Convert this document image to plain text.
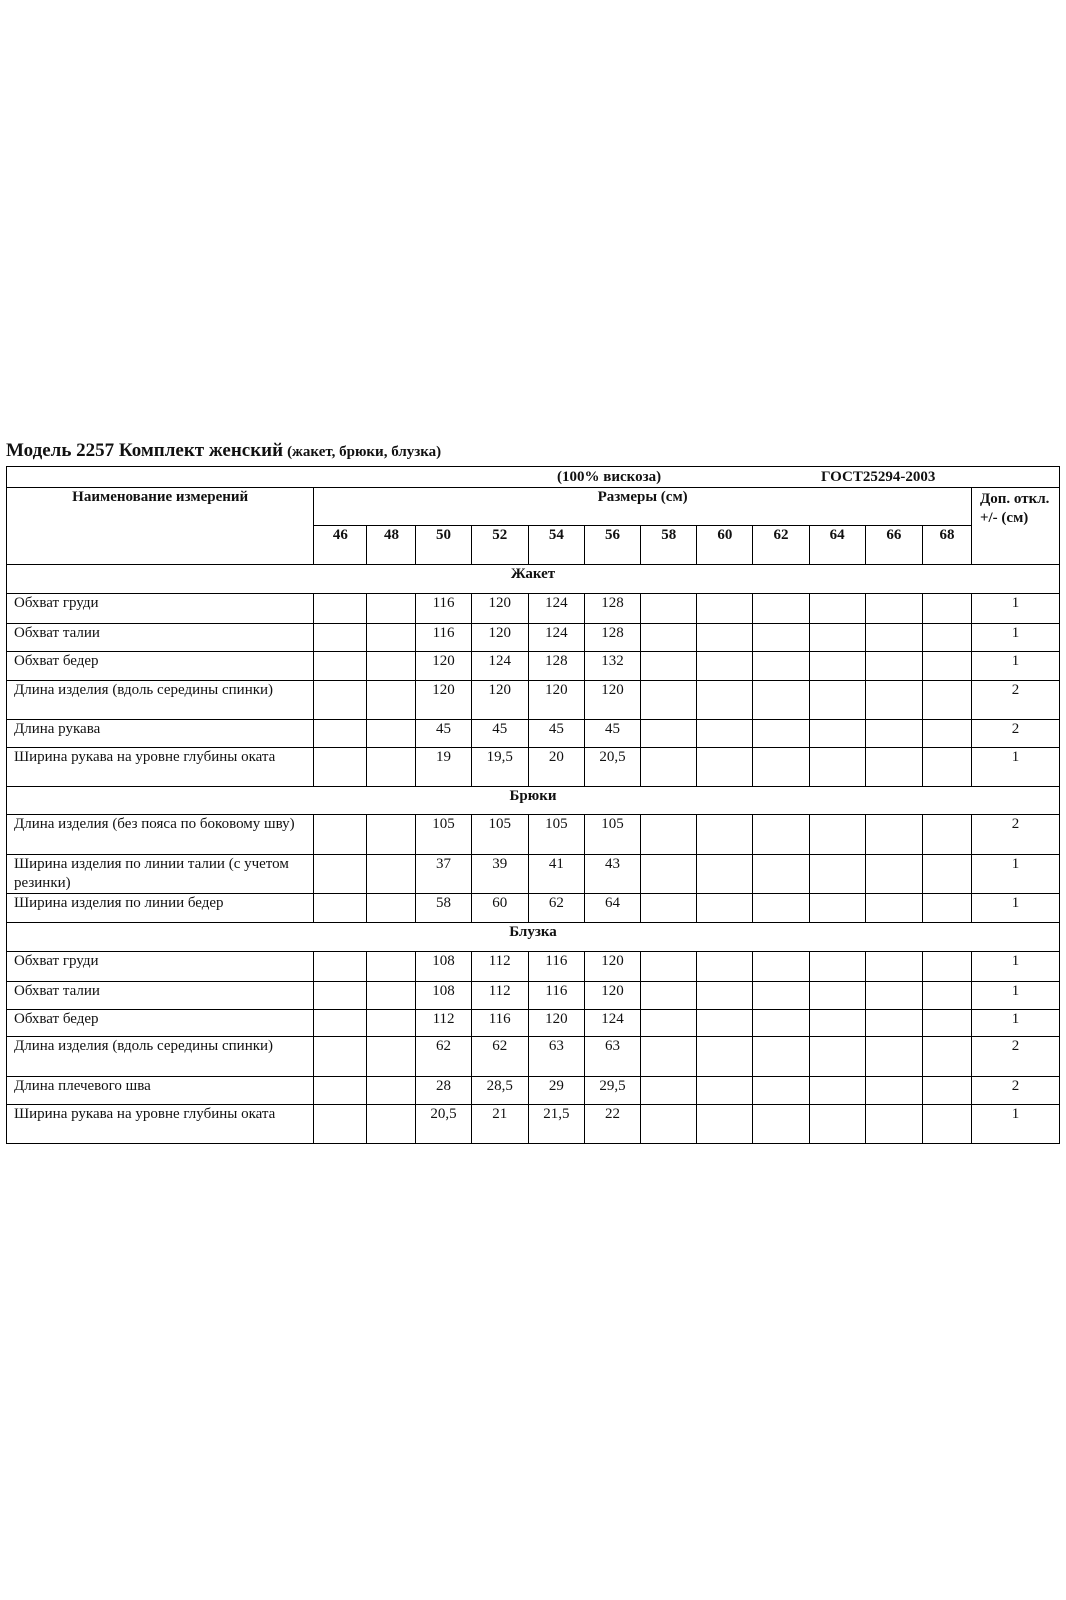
Модель 2257 Комплект женский (жакет, брюки, блузка)
(100% вискоза) ГОСТ25294-2003													

Наименование измерений	Размеры (см)												Доп. откл. +/- (см)
	46	48	50	52	54	56	58	60	62	64	66	68	
Жакет													
Обхват груди			116	120	124	128							1
Обхват талии			116	120	124	128							1
Обхват бедер			120	124	128	132							1
Длина изделия (вдоль середины спинки)			120	120	120	120							2
Длина рукава			45	45	45	45							2
Ширина рукава на уровне глубины оката			19	19,5	20	20,5							1
Брюки													
Длина изделия (без пояса по боковому шву)			105	105	105	105							2
Ширина изделия по линии талии (с учетом резинки)			37	39	41	43							1
Ширина изделия по линии бедер			58	60	62	64							1
Блузка													
Обхват груди			108	112	116	120							1
Обхват талии			108	112	116	120							1
Обхват бедер			112	116	120	124							1
Длина изделия (вдоль середины спинки)			62	62	63	63							2
Длина плечевого шва			28	28,5	29	29,5							2
Ширина рукава на уровне глубины оката			20,5	21	21,5	22							1
